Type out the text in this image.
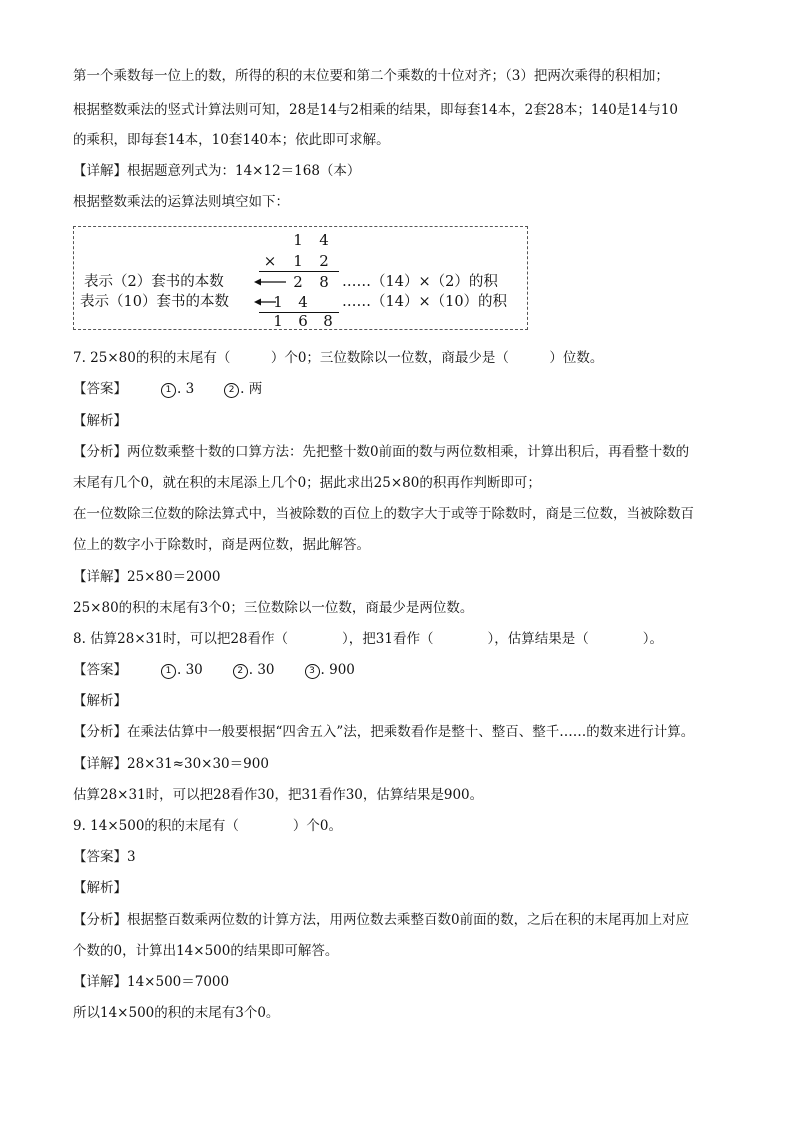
第一个乘数每一位上的数，所得的积的末位要和第二个乘数的十位对齐；（3）把两次乘得的积相加；
根据整数乘法的竖式计算法则可知，28是14与2相乘的结果，即每套14本，2套28本；140是14与10
的乘积，即每套14本，10套140本；依此即可求解。
【详解】根据题意列式为：14×12＝168（本）
根据整数乘法的运算法则填空如下：
1 4
× 1 2
表示（2）套书的本数	2 8 ……（14）×（2）的积
表示（10）套书的本数	1 4 ……（14）×（10）的积
1 6 8
7. 25×80的积的末尾有（　　　）个0；三位数除以一位数，商最少是（　　　）位数。
【答案】	1 . 3	2 . 两
【解析】
【分析】两位数乘整十数的口算方法：先把整十数0前面的数与两位数相乘，计算出积后，再看整十数的
末尾有几个0，就在积的末尾添上几个0；据此求出25×80的积再作判断即可；
在一位数除三位数的除法算式中，当被除数的百位上的数字大于或等于除数时，商是三位数，当被除数百
位上的数字小于除数时，商是两位数，据此解答。
【详解】25×80＝2000
25×80的积的末尾有3个0；三位数除以一位数，商最少是两位数。
8. 估算28×31时，可以把28看作（　　　　），把31看作（　　　　），估算结果是（　　　　）。
【答案】	1 . 30	2 . 30	3 . 900
【解析】
【分析】在乘法估算中一般要根据“四舍五入”法，把乘数看作是整十、整百、整千……的数来进行计算。
【详解】28×31≈30×30＝900
估算28×31时，可以把28看作30，把31看作30，估算结果是900。
9. 14×500的积的末尾有（　　　　）个0。
【答案】3
【解析】
【分析】根据整百数乘两位数的计算方法，用两位数去乘整百数0前面的数，之后在积的末尾再加上对应
个数的0，计算出14×500的结果即可解答。
【详解】14×500＝7000
所以14×500的积的末尾有3个0。
